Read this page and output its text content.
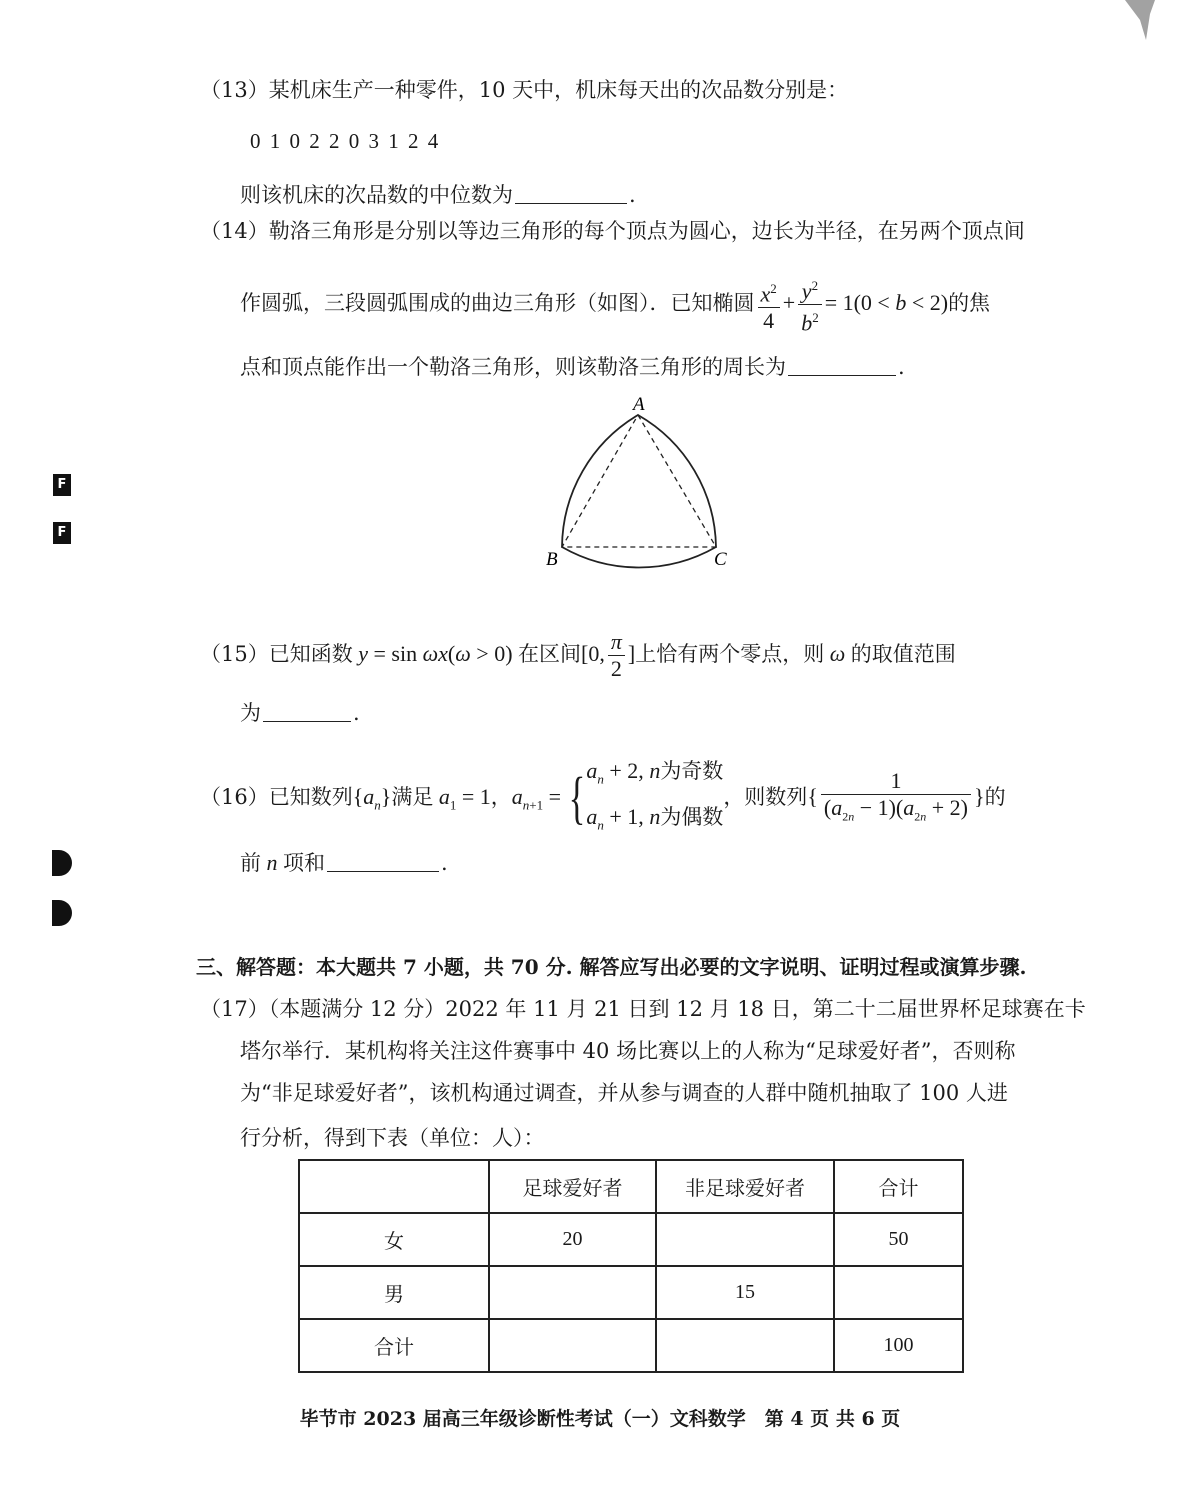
（13）某机床生产一种零件，10 天中，机床每天出的次品数分别是：
0 1 0 2 2 0 3 1 2 4
则该机床的次品数的中位数为	.
（14）勒洛三角形是分别以等边三角形的每个顶点为圆心，边长为半径，在另两个顶点间
作圆弧，三段圆弧围成的曲边三角形（如图）．已知椭圆 $\frac{x^2}{4} + \frac{y^2}{b^2} = 1(0 < b < 2)$的焦
点和顶点能作出一个勒洛三角形，则该勒洛三角形的周长为	.
A
B	C
（15）已知函数 y = sin ωx(ω > 0) 在区间[0, $\frac{\pi}{2}$ ]上恰有两个零点，则 ω 的取值范围
为	.
（16）已知数列$\{a_n\}$满足 $a_1 = 1$，$a_{n+1}$ = { $a_n + 2$, n为奇数
$a_n + 1$, n为偶数
，则数列{ $\frac{1}{(a_{2n} - 1)(a_{2n} + 2)}$ }的
前 n 项和	.
三、解答题：本大题共 7 小题，共 70 分. 解答应写出必要的文字说明、证明过程或演算步骤.
（17）（本题满分 12 分）2022 年 11 月 21 日到 12 月 18 日，第二十二届世界杯足球赛在卡
塔尔举行．某机构将关注这件赛事中 40 场比赛以上的人称为“足球爱好者”，否则称
为“非足球爱好者”，该机构通过调查，并从参与调查的人群中随机抽取了 100 人进
行分析，得到下表（单位：人）：
	足球爱好者	非足球爱好者	合计
女	20		50
男		15	
合计			100
F
F
毕节市 2023 届高三年级诊断性考试（一）文科数学　第 4 页 共 6 页
